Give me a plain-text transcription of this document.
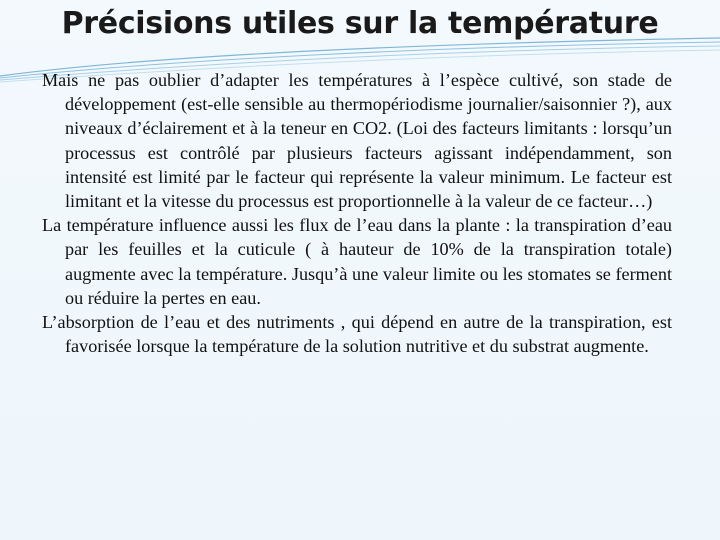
Précisions utiles sur la température

Mais ne pas oublier d’adapter les températures à l’espèce cultivé, son stade de développement (est-elle sensible au thermopériodisme journalier/saisonnier ?), aux niveaux d’éclairement et à la teneur en CO2. (Loi des facteurs limitants : lorsqu’un processus est contrôlé par plusieurs facteurs agissant indépendamment, son intensité est limité par le facteur qui représente la valeur minimum. Le facteur est limitant et la vitesse du processus est proportionnelle à la valeur de ce facteur…)

La température influence aussi les flux de l’eau dans la plante : la transpiration d’eau par les feuilles et la cuticule ( à hauteur de 10% de la transpiration totale) augmente avec la température. Jusqu’à une valeur limite ou les stomates se ferment ou réduire la pertes en eau.

L’absorption de l’eau et des nutriments , qui dépend en autre de la transpiration, est favorisée lorsque la température de la solution nutritive et du substrat augmente.
